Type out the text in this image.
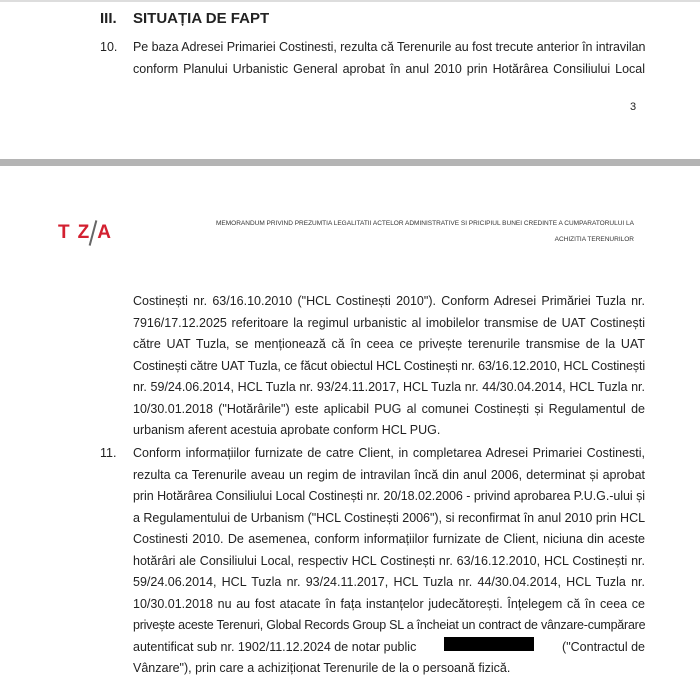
III. SITUAȚIA DE FAPT
10. Pe baza Adresei Primariei Costinesti, rezulta că Terenurile au fost trecute anterior în intravilan
conform Planului Urbanistic General aprobat în anul 2010 prin Hotărârea Consiliului Local
3
TZA	MEMORANDUM PRIVIND PREZUMTIA LEGALITATII ACTELOR ADMINISTRATIVE SI PRICIPIUL BUNEI CREDINTE A CUMPARATORULUI LA
ACHIZITIA TERENURILOR
Costinești nr. 63/16.10.2010 ("HCL Costinești 2010"). Conform Adresei Primăriei Tuzla nr.
7916/17.12.2025 referitoare la regimul urbanistic al imobilelor transmise de UAT Costinești
către UAT Tuzla, se menționează că în ceea ce privește terenurile transmise de la UAT
Costinești către UAT Tuzla, ce făcut obiectul HCL Costinești nr. 63/16.12.2010, HCL Costinești
nr. 59/24.06.2014, HCL Tuzla nr. 93/24.11.2017, HCL Tuzla nr. 44/30.04.2014, HCL Tuzla nr.
10/30.01.2018 ("Hotărârile") este aplicabil PUG al comunei Costinești și Regulamentul de
urbanism aferent acestuia aprobate conform HCL PUG.
11. Conform informațiilor furnizate de catre Client, in completarea Adresei Primariei Costinesti,
rezulta ca Terenurile aveau un regim de intravilan încă din anul 2006, determinat și aprobat
prin Hotărârea Consiliului Local Costinești nr. 20/18.02.2006 - privind aprobarea P.U.G.-ului și
a Regulamentului de Urbanism ("HCL Costinești 2006"), si reconfirmat în anul 2010 prin HCL
Costinesti 2010. De asemenea, conform informațiilor furnizate de Client, niciuna din aceste
hotărâri ale Consiliului Local, respectiv HCL Costinești nr. 63/16.12.2010, HCL Costinești nr.
59/24.06.2014, HCL Tuzla nr. 93/24.11.2017, HCL Tuzla nr. 44/30.04.2014, HCL Tuzla nr.
10/30.01.2018 nu au fost atacate în fața instanțelor judecătorești. Înțelegem că în ceea ce
privește aceste Terenuri, Global Records Group SL a încheiat un contract de vânzare-cumpărare
autentificat sub nr. 1902/11.12.2024 de notar public	("Contractul de
Vânzare"), prin care a achiziționat Terenurile de la o persoană fizică.
